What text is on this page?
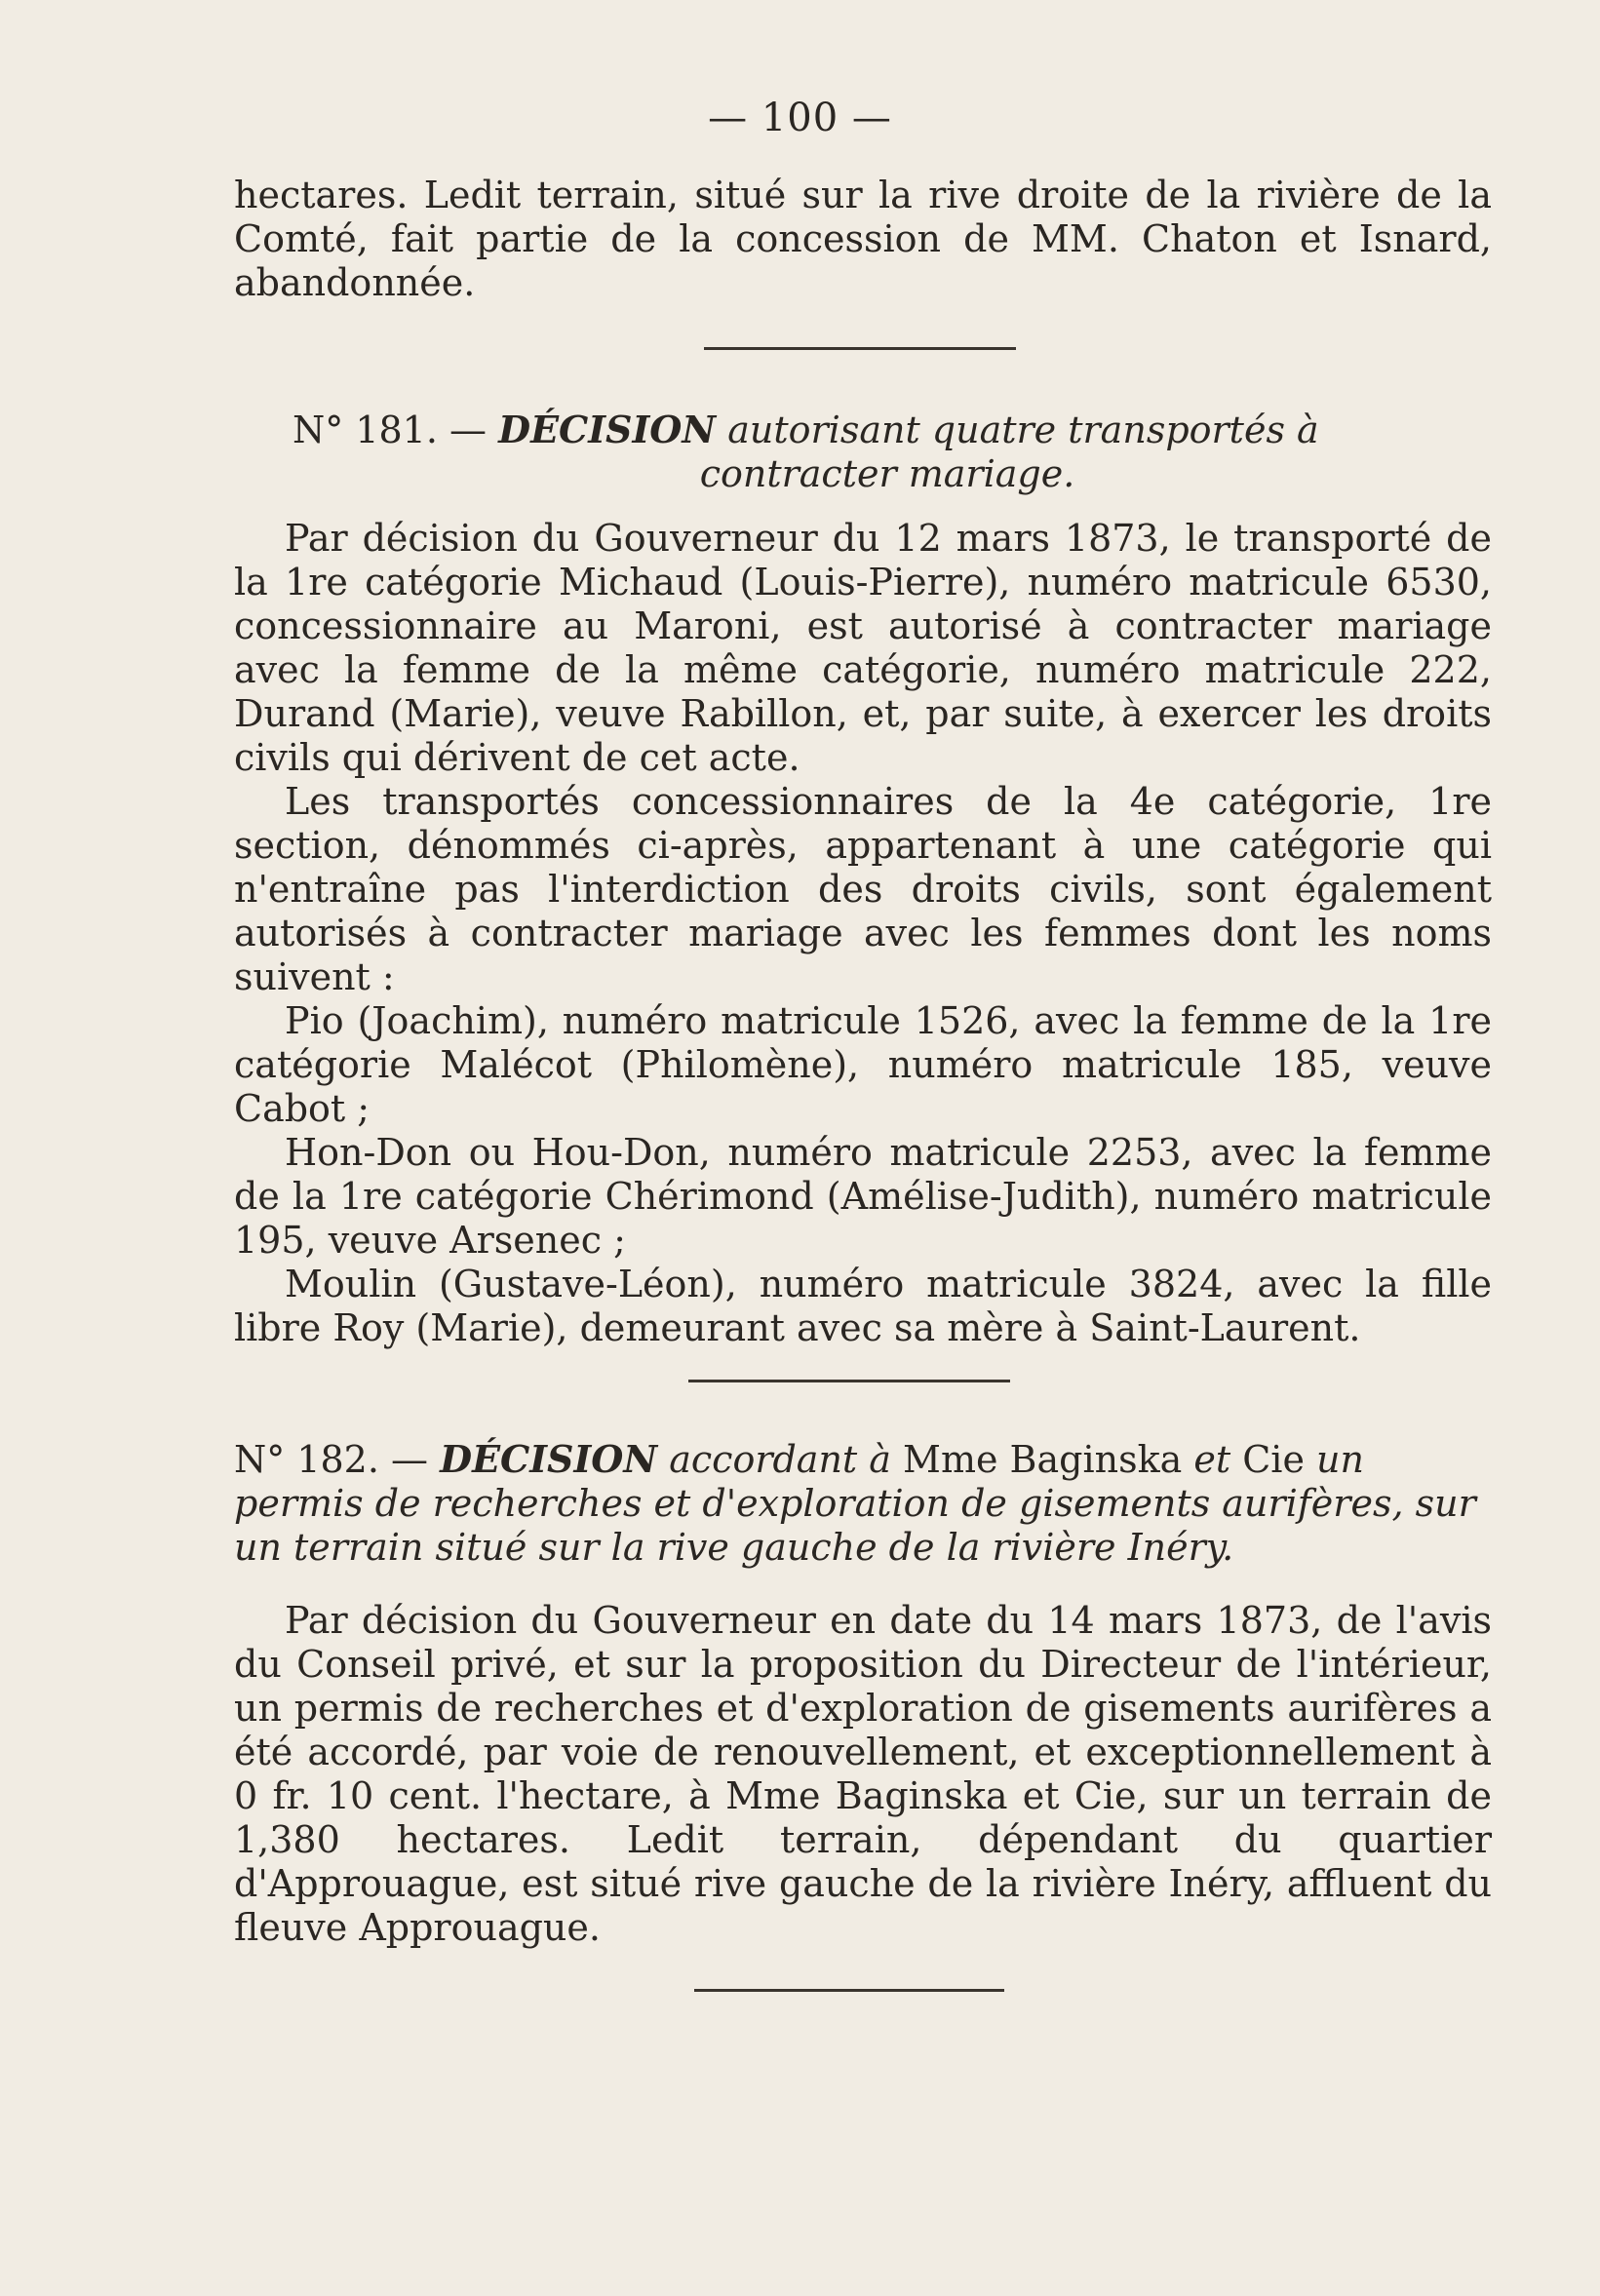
— 100 —

hectares. Ledit terrain, situé sur la rive droite de la rivière de la Comté, fait partie de la concession de MM. Chaton et Isnard, abandonnée.

N° 181. — DÉCISION autorisant quatre transportés à
contracter mariage.

Par décision du Gouverneur du 12 mars 1873, le transporté de la 1re catégorie Michaud (Louis-Pierre), numéro matricule 6530, concessionnaire au Maroni, est autorisé à contracter mariage avec la femme de la même catégorie, numéro matricule 222, Durand (Marie), veuve Rabillon, et, par suite, à exercer les droits civils qui dérivent de cet acte.

Les transportés concessionnaires de la 4e catégorie, 1re section, dénommés ci-après, appartenant à une catégorie qui n'entraîne pas l'interdiction des droits civils, sont également autorisés à contracter mariage avec les femmes dont les noms suivent :

Pio (Joachim), numéro matricule 1526, avec la femme de la 1re catégorie Malécot (Philomène), numéro matricule 185, veuve Cabot ;

Hon-Don ou Hou-Don, numéro matricule 2253, avec la femme de la 1re catégorie Chérimond (Amélise-Judith), numéro matricule 195, veuve Arsenec ;

Moulin (Gustave-Léon), numéro matricule 3824, avec la fille libre Roy (Marie), demeurant avec sa mère à Saint-Laurent.

N° 182. — DÉCISION accordant à Mme Baginska et Cie un permis de recherches et d'exploration de gisements aurifères, sur un terrain situé sur la rive gauche de la rivière Inéry.

Par décision du Gouverneur en date du 14 mars 1873, de l'avis du Conseil privé, et sur la proposition du Directeur de l'intérieur, un permis de recherches et d'exploration de gisements aurifères a été accordé, par voie de renouvellement, et exceptionnellement à 0 fr. 10 cent. l'hectare, à Mme Baginska et Cie, sur un terrain de 1,380 hectares. Ledit terrain, dépendant du quartier d'Approuague, est situé rive gauche de la rivière Inéry, affluent du fleuve Approuague.
